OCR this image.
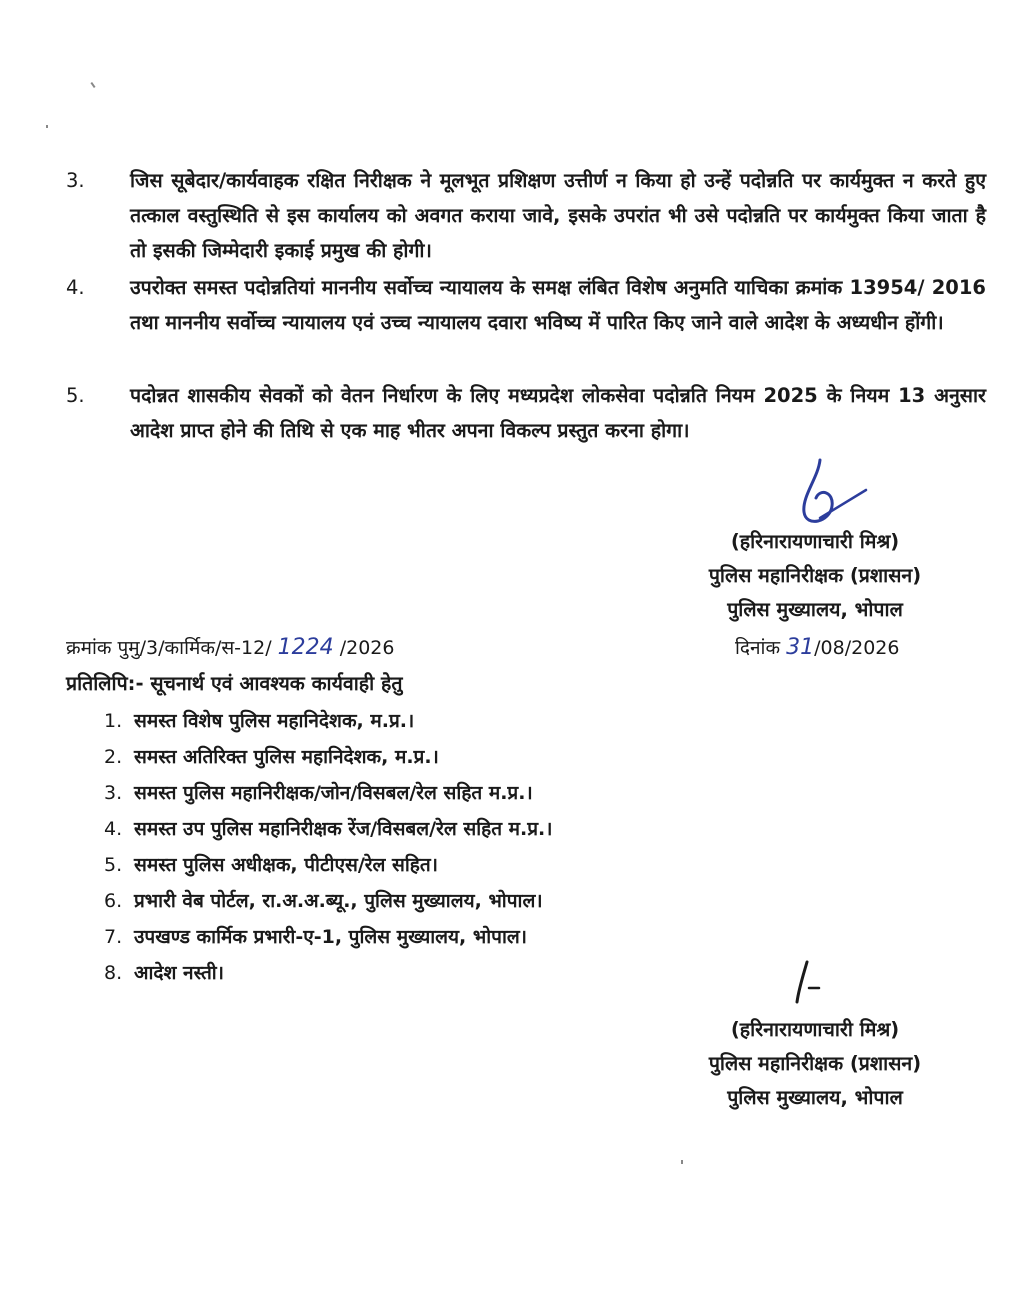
3.	जिस सूबेदार/कार्यवाहक रक्षित निरीक्षक ने मूलभूत प्रशिक्षण उत्तीर्ण न किया हो उन्हें पदोन्नति पर कार्यमुक्त न करते हुए तत्काल वस्तुस्थिति से इस कार्यालय को अवगत कराया जावे, इसके उपरांत भी उसे पदोन्नति पर कार्यमुक्त किया जाता है तो इसकी जिम्मेदारी इकाई प्रमुख की होगी।
4.	उपरोक्त समस्त पदोन्नतियां माननीय सर्वोच्च न्यायालय के समक्ष लंबित विशेष अनुमति याचिका क्रमांक 13954/ 2016 तथा माननीय सर्वोच्च न्यायालय एवं उच्च न्यायालय दवारा भविष्य में पारित किए जाने वाले आदेश के अध्यधीन होंगी।
5.	पदोन्नत शासकीय सेवकों को वेतन निर्धारण के लिए मध्यप्रदेश लोकसेवा पदोन्नति नियम 2025 के नियम 13 अनुसार आदेश प्राप्त होने की तिथि से एक माह भीतर अपना विकल्प प्रस्तुत करना होगा।
(हरिनारायणाचारी मिश्र)
पुलिस महानिरीक्षक (प्रशासन)
पुलिस मुख्यालय, भोपाल
क्रमांक पुमु/3/कार्मिक/स-12/ 1224 /2026	दिनांक 31/08/2026
प्रतिलिपि:- सूचनार्थ एवं आवश्यक कार्यवाही हेतु
1. समस्त विशेष पुलिस महानिदेशक, म.प्र.।
2. समस्त अतिरिक्त पुलिस महानिदेशक, म.प्र.।
3. समस्त पुलिस महानिरीक्षक/जोन/विसबल/रेल सहित म.प्र.।
4. समस्त उप पुलिस महानिरीक्षक रेंज/विसबल/रेल सहित म.प्र.।
5. समस्त पुलिस अधीक्षक, पीटीएस/रेल सहित।
6. प्रभारी वेब पोर्टल, रा.अ.अ.ब्यू., पुलिस मुख्यालय, भोपाल।
7. उपखण्ड कार्मिक प्रभारी-ए-1, पुलिस मुख्यालय, भोपाल।
8. आदेश नस्ती।
(हरिनारायणाचारी मिश्र)
पुलिस महानिरीक्षक (प्रशासन)
पुलिस मुख्यालय, भोपाल
